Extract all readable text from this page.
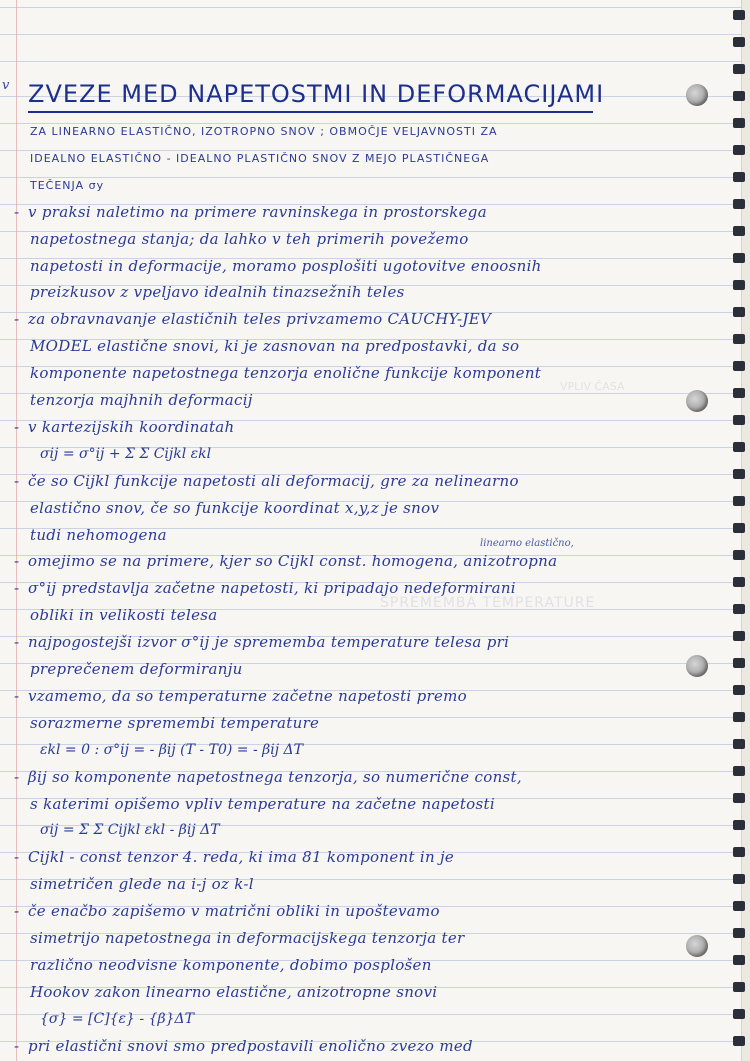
VPLIV ČASA
SPREMEMBA TEMPERATURE
v ZVEZE MED NAPETOSTMI IN DEFORMACIJAMI
ZA LINEARNO ELASTIČNO, IZOTROPNO SNOV ; OBMOČJE VELJAVNOSTI ZA
IDEALNO ELASTIČNO - IDEALNO PLASTIČNO SNOV Z MEJO PLASTIČNEGA
TEČENJA σy
- v praksi naletimo na primere ravninskega in prostorskega
napetostnega stanja; da lahko v teh primerih povežemo
napetosti in deformacije, moramo posplošiti ugotovitve enoosnih
preizkusov z vpeljavo idealnih tinazsežnih teles
- za obravnavanje elastičnih teles privzamemo CAUCHY-JEV
MODEL elastične snovi, ki je zasnovan na predpostavki, da so
komponente napetostnega tenzorja enolične funkcije komponent
tenzorja majhnih deformacij
- v kartezijskih koordinatah
σij = σ°ij + Σ Σ Cijkl εkl
- če so Cijkl funkcije napetosti ali deformacij, gre za nelinearno
elastično snov, če so funkcije koordinat x,y,z je snov
tudi nehomogena
- omejimo se na primere, kjer so Cijkl const. homogena, anizotropna
- σ°ij predstavlja začetne napetosti, ki pripadajo nedeformirani
obliki in velikosti telesa
- najpogostejši izvor σ°ij je sprememba temperature telesa pri
preprečenem deformiranju
- vzamemo, da so temperaturne začetne napetosti premo
sorazmerne spremembi temperature
εkl = 0 : σ°ij = - βij (T - T0) = - βij ΔT
- βij so komponente napetostnega tenzorja, so numerične const,
s katerimi opišemo vpliv temperature na začetne napetosti
σij = Σ Σ Cijkl εkl - βij ΔT
- Cijkl - const tenzor 4. reda, ki ima 81 komponent in je
simetričen glede na i-j oz k-l
- če enačbo zapišemo v matrični obliki in upoštevamo
simetrijo napetostnega in deformacijskega tenzorja ter
različno neodvisne komponente, dobimo posplošen
Hookov zakon linearno elastične, anizotropne snovi
{σ} = [C]{ε} - {β}ΔT
- pri elastični snovi smo predpostavili enolično zvezo med
linearno elastično,
